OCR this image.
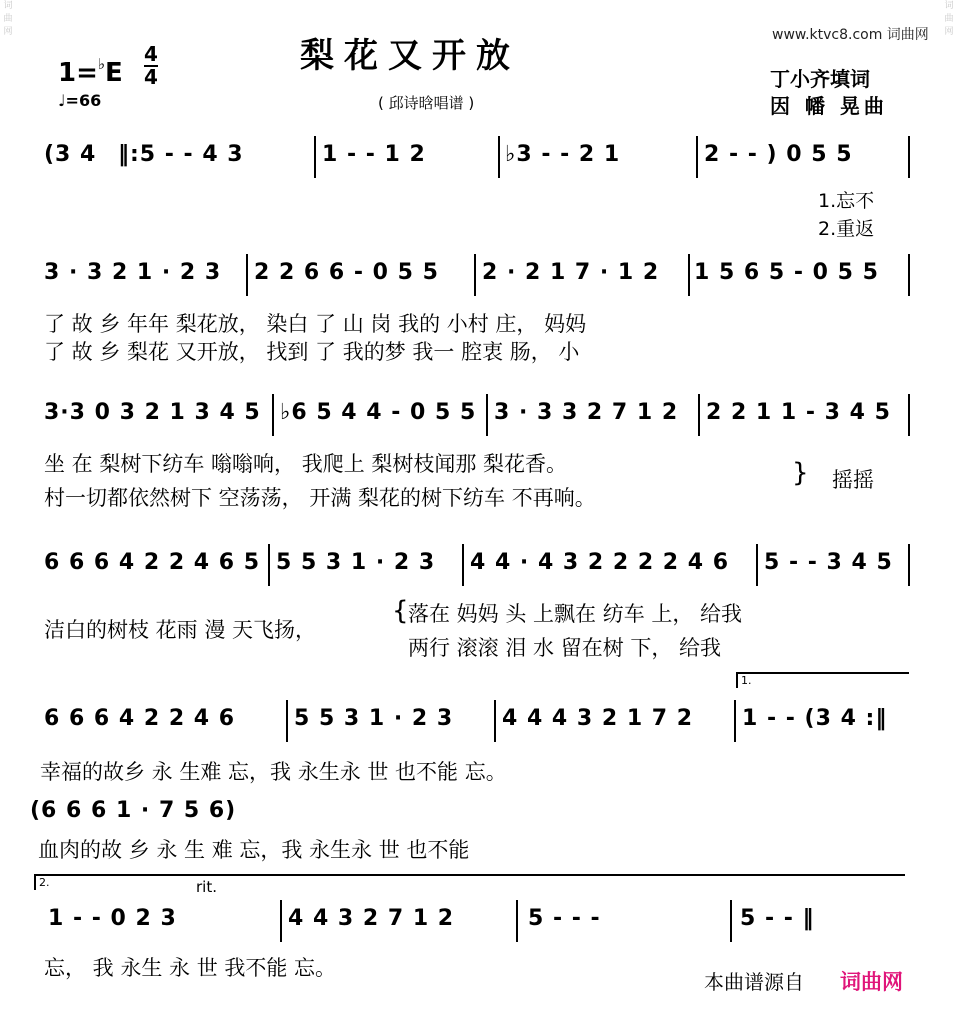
词曲网
词曲网
梨花又开放
( 邱诗晗唱谱 )
1=♭E
4
4
♩=66
www.ktvc8.com 词曲网
丁小齐填词
因 幡 晃曲
(3 4 ‖:5 - - 4 3	1 - - 1 2	♭3 - - 2 1	2 - - ) 0 5 5
1.忘不
2.重返
3 · 3 2 1 · 2 3 2 2 6 6 - 0 5 5 2 · 2 1 7 · 1 2 1 5 6 5 - 0 5 5
了 故 乡 年年 梨花放， 染白 了 山 岗 我的 小村 庄， 妈妈
了 故 乡 梨花 又开放， 找到 了 我的梦 我一 腔衷 肠， 小
3·3 0 3 2 1 3 4 5 ♭6 5 4 4 - 0 5 5 3 · 3 3 2 7 1 2 2 2 1 1 - 3 4 5
坐 在 梨树下纺车 嗡嗡响， 我爬上 梨树枝闻那 梨花香。
村一切都依然树下 空荡荡， 开满 梨花的树下纺车 不再响。
} 摇摇
6 6 6 4 2 2 4 6 5 5 5 3 1 · 2 3 4 4 · 4 3 2 2 2 2 4 6 5 - - 3 4 5
洁白的树枝 花雨 漫 天飞扬，
{ 落在 妈妈 头 上飘在 纺车 上， 给我
两行 滚滚 泪 水 留在树 下， 给我
1.
6 6 6 4 2 2 4 6	5 5 3 1 · 2 3 4 4 4 3 2 1 7 2 1 - - (3 4 :‖
幸福的故乡 永 生难 忘，我 永生永 世 也不能 忘。
(6 6 6 1 · 7 5 6)
血肉的故 乡 永 生 难 忘，我 永生永 世 也不能
2.	rit.
1 - - 0 2 3	4 4 3 2 7 1 2	5 - - -	5 - - ‖
忘， 我 永生 永 世 我不能 忘。
本曲谱源自 词曲网
